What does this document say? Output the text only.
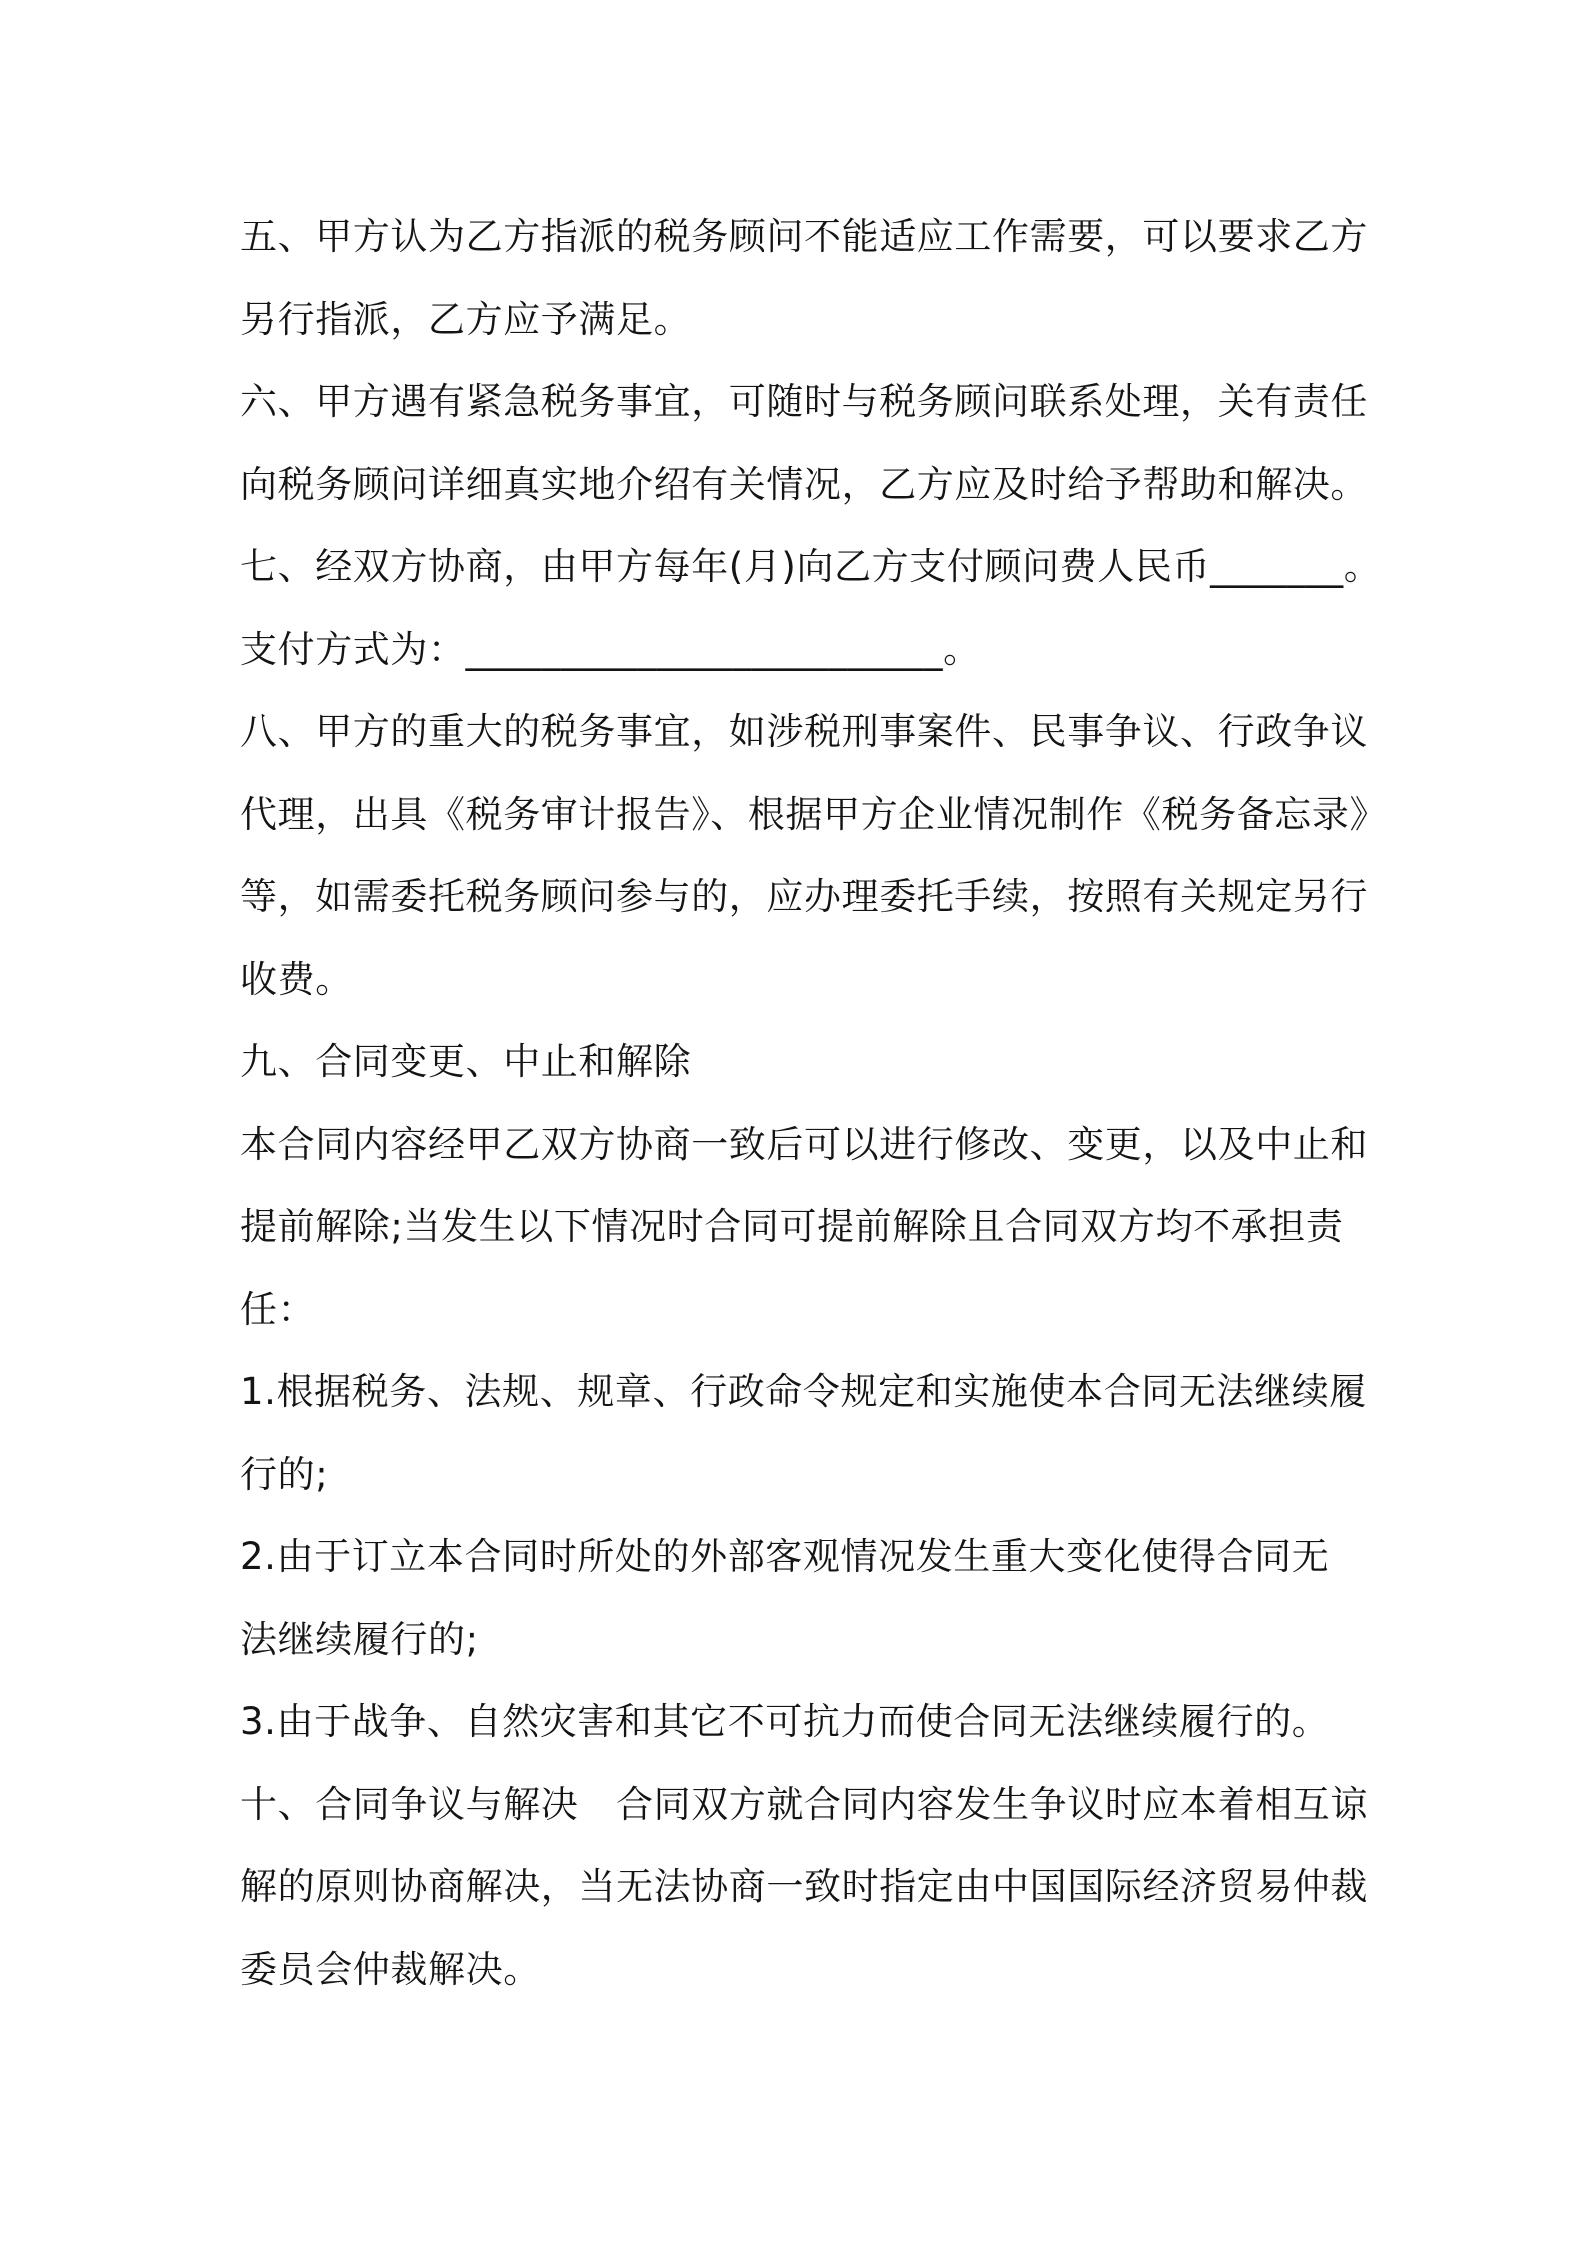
五、甲方认为乙方指派的税务顾问不能适应工作需要，可以要求乙方
另行指派，乙方应予满足。
六、甲方遇有紧急税务事宜，可随时与税务顾问联系处理，关有责任
向税务顾问详细真实地介绍有关情况，乙方应及时给予帮助和解决。
七、经双方协商，由甲方每年(月)向乙方支付顾问费人民币_______。
支付方式为：_________________________。
八、甲方的重大的税务事宜，如涉税刑事案件、民事争议、行政争议
代理，出具《税务审计报告》、根据甲方企业情况制作《税务备忘录》
等，如需委托税务顾问参与的，应办理委托手续，按照有关规定另行
收费。
九、合同变更、中止和解除
本合同内容经甲乙双方协商一致后可以进行修改、变更，以及中止和
提前解除;当发生以下情况时合同可提前解除且合同双方均不承担责
任：
1.根据税务、法规、规章、行政命令规定和实施使本合同无法继续履
行的;
2.由于订立本合同时所处的外部客观情况发生重大变化使得合同无
法继续履行的;
3.由于战争、自然灾害和其它不可抗力而使合同无法继续履行的。
十、合同争议与解决　合同双方就合同内容发生争议时应本着相互谅
解的原则协商解决，当无法协商一致时指定由中国国际经济贸易仲裁
委员会仲裁解决。
